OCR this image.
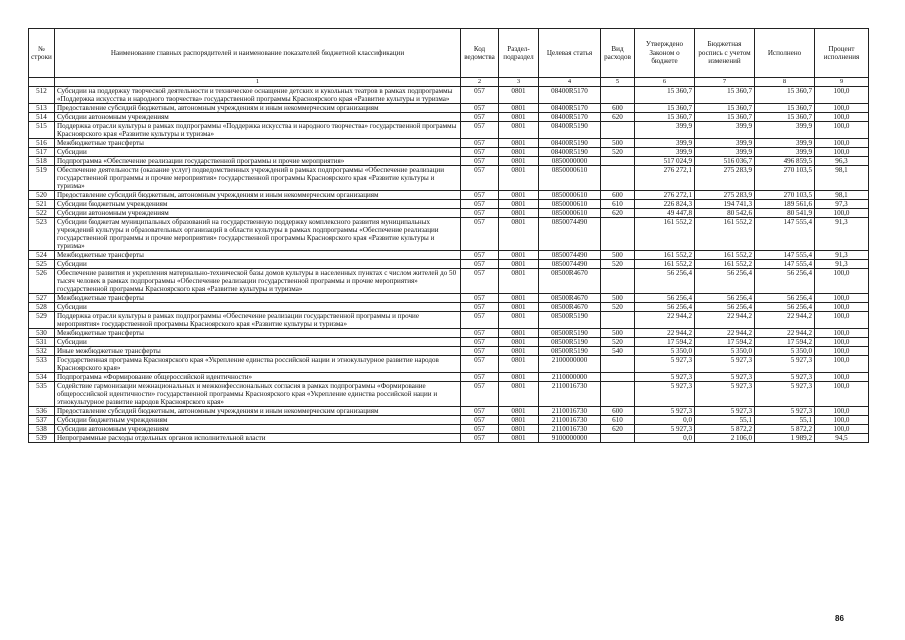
№ строки	Наименование главных распорядителей и наименование показателей бюджетной классификации	Код ведомства	Раздел-подраздел	Целевая статья	Вид расходов	Утверждено Законом о бюджете	Бюджетная роспись с учетом изменений	Исполнено	Процент исполнения
	1	2	3	4	5	6	7	8	9
512	Субсидии на поддержку творческой деятельности и техническое оснащение детских и кукольных театров в рамках подпрограммы «Поддержка искусства и народного творчества» государственной программы Красноярского края «Развитие культуры и туризма»	057	0801	08400R5170		15 360,7	15 360,7	15 360,7	100,0
513	Предоставление субсидий бюджетным, автономным учреждениям и иным некоммерческим организациям	057	0801	08400R5170	600	15 360,7	15 360,7	15 360,7	100,0
514	Субсидии автономным учреждениям	057	0801	08400R5170	620	15 360,7	15 360,7	15 360,7	100,0
515	Поддержка отрасли культуры в рамках подпрограммы «Поддержка искусства и народного творчества» государственной программы Красноярского края «Развитие культуры и туризма»	057	0801	08400R5190		399,9	399,9	399,9	100,0
516	Межбюджетные трансферты	057	0801	08400R5190	500	399,9	399,9	399,9	100,0
517	Субсидии	057	0801	08400R5190	520	399,9	399,9	399,9	100,0
518	Подпрограмма «Обеспечение реализации государственной программы и прочие мероприятия»	057	0801	0850000000		517 024,9	516 036,7	496 859,5	96,3
519	Обеспечение деятельности (оказание услуг) подведомственных учреждений в рамках подпрограммы «Обеспечение реализации государственной программы и прочие мероприятия» государственной программы Красноярского края «Развитие культуры и туризма»	057	0801	0850000610		276 272,1	275 283,9	270 103,5	98,1
520	Предоставление субсидий бюджетным, автономным учреждениям и иным некоммерческим организациям	057	0801	0850000610	600	276 272,1	275 283,9	270 103,5	98,1
521	Субсидии бюджетным учреждениям	057	0801	0850000610	610	226 824,3	194 741,3	189 561,6	97,3
522	Субсидии автономным учреждениям	057	0801	0850000610	620	49 447,8	80 542,6	80 541,9	100,0
523	Субсидии бюджетам муниципальных образований на государственную поддержку комплексного развития муниципальных учреждений культуры и образовательных организаций в области культуры в рамках подпрограммы «Обеспечение реализации государственной программы и прочие мероприятия» государственной программы Красноярского края «Развитие культуры и туризма»	057	0801	0850074490		161 552,2	161 552,2	147 555,4	91,3
524	Межбюджетные трансферты	057	0801	0850074490	500	161 552,2	161 552,2	147 555,4	91,3
525	Субсидии	057	0801	0850074490	520	161 552,2	161 552,2	147 555,4	91,3
526	Обеспечение развития и укрепления материально-технической базы домов культуры в населенных пунктах с числом жителей до 50 тысяч человек в рамках подпрограммы «Обеспечение реализации государственной программы и прочие мероприятия» государственной программы Красноярского края «Развитие культуры и туризма»	057	0801	08500R4670		56 256,4	56 256,4	56 256,4	100,0
527	Межбюджетные трансферты	057	0801	08500R4670	500	56 256,4	56 256,4	56 256,4	100,0
528	Субсидии	057	0801	08500R4670	520	56 256,4	56 256,4	56 256,4	100,0
529	Поддержка отрасли культуры в рамках подпрограммы «Обеспечение реализации государственной программы и прочие мероприятия» государственной программы Красноярского края «Развитие культуры и туризма»	057	0801	08500R5190		22 944,2	22 944,2	22 944,2	100,0
530	Межбюджетные трансферты	057	0801	08500R5190	500	22 944,2	22 944,2	22 944,2	100,0
531	Субсидии	057	0801	08500R5190	520	17 594,2	17 594,2	17 594,2	100,0
532	Иные межбюджетные трансферты	057	0801	08500R5190	540	5 350,0	5 350,0	5 350,0	100,0
533	Государственная программа Красноярского края «Укрепление единства российской нации и этнокультурное развитие народов Красноярского края»	057	0801	2100000000		5 927,3	5 927,3	5 927,3	100,0
534	Подпрограмма «Формирование общероссийской идентичности»	057	0801	2110000000		5 927,3	5 927,3	5 927,3	100,0
535	Содействие гармонизации межнациональных и межконфессиональных согласия в рамках подпрограммы «Формирование общероссийской идентичности» государственной программы Красноярского края «Укрепление единства российской нации и этнокультурное развитие народов Красноярского края»	057	0801	2110016730		5 927,3	5 927,3	5 927,3	100,0
536	Предоставление субсидий бюджетным, автономным учреждениям и иным некоммерческим организациям	057	0801	2110016730	600	5 927,3	5 927,3	5 927,3	100,0
537	Субсидии бюджетным учреждениям	057	0801	2110016730	610	0,0	55,1	55,1	100,0
538	Субсидии автономным учреждениям	057	0801	2110016730	620	5 927,3	5 872,2	5 872,2	100,0
539	Непрограммные расходы отдельных органов исполнительной власти	057	0801	9100000000		0,0	2 106,0	1 989,2	94,5
86
